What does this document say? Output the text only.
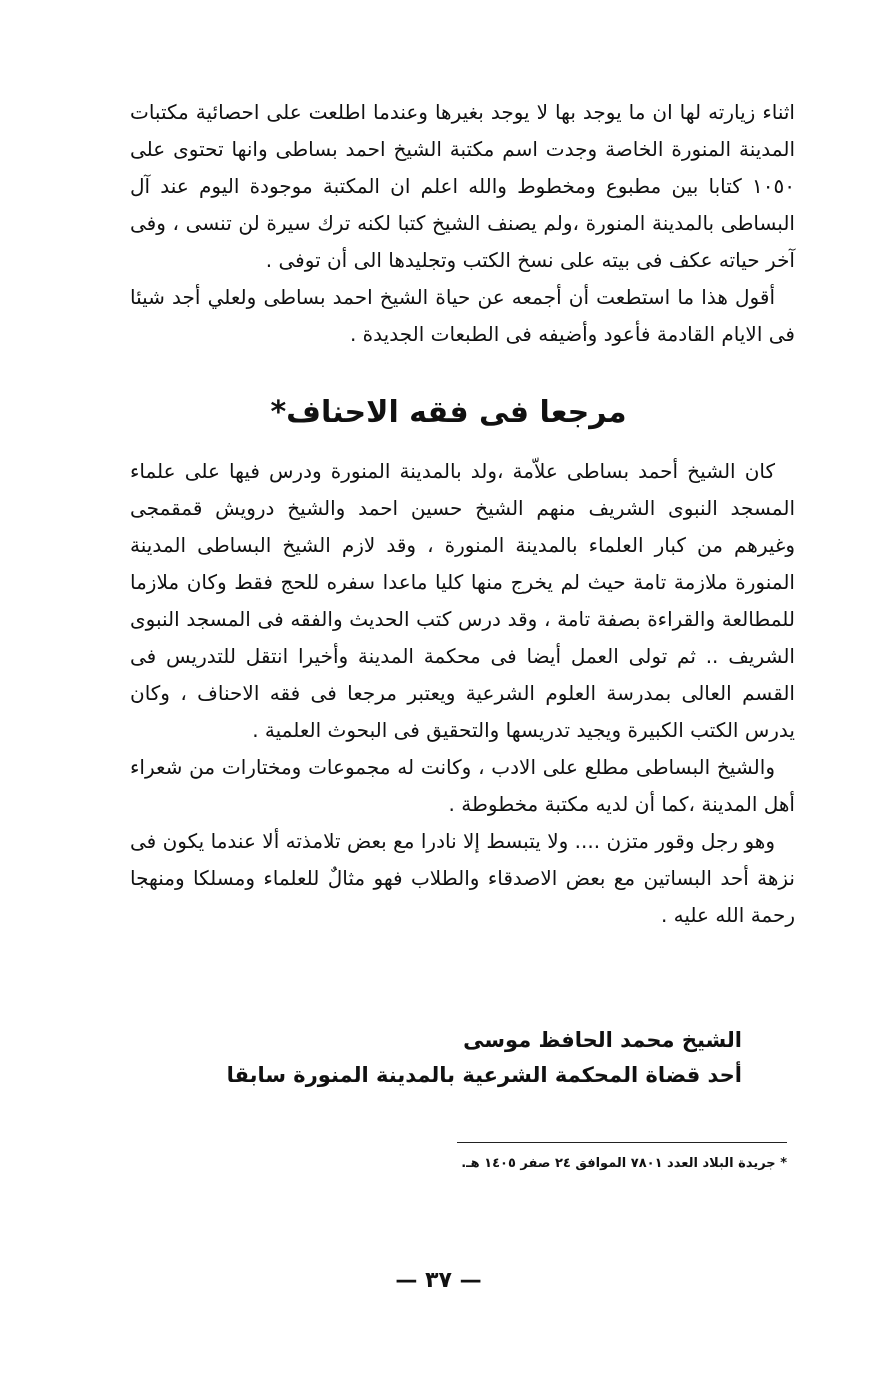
اثناء زيارته لها ان ما يوجد بها لا يوجد بغيرها وعندما اطلعت على احصائية مكتبات المدينة المنورة الخاصة وجدت اسم مكتبة الشيخ احمد بساطى وانها تحتوى على ١٠٥٠ كتابا بين مطبوع ومخطوط والله اعلم ان المكتبة موجودة اليوم عند آل البساطى بالمدينة المنورة ،ولم يصنف الشيخ كتبا لكنه ترك سيرة لن تنسى ، وفى آخر حياته عكف فى بيته على نسخ الكتب وتجليدها الى أن توفى .

أقول هذا ما استطعت أن أجمعه عن حياة الشيخ احمد بساطى ولعلي أجد شيئا فى الايام القادمة فأعود وأضيفه فى الطبعات الجديدة .

مرجعا فى فقه الاحناف*

كان الشيخ أحمد بساطى علاّمة ،ولد بالمدينة المنورة ودرس فيها على علماء المسجد النبوى الشريف منهم الشيخ حسين احمد والشيخ درويش قمقمجى وغيرهم من كبار العلماء بالمدينة المنورة ، وقد لازم الشيخ البساطى المدينة المنورة ملازمة تامة حيث لم يخرج منها كليا ماعدا سفره للحج فقط وكان ملازما للمطالعة والقراءة بصفة تامة ، وقد درس كتب الحديث والفقه فى المسجد النبوى الشريف .. ثم تولى العمل أيضا فى محكمة المدينة وأخيرا انتقل للتدريس فى القسم العالى بمدرسة العلوم الشرعية ويعتبر مرجعا فى فقه الاحناف ، وكان يدرس الكتب الكبيرة ويجيد تدريسها والتحقيق فى البحوث العلمية .

والشيخ البساطى مطلع على الادب ، وكانت له مجموعات ومختارات من شعراء أهل المدينة ،كما أن لديه مكتبة مخطوطة .

وهو رجل وقور متزن .... ولا يتبسط إلا نادرا مع بعض تلامذته ألا عندما يكون فى نزهة أحد البساتين مع بعض الاصدقاء والطلاب فهو مثالٌ للعلماء ومسلكا ومنهجا رحمة الله عليه .

الشيخ محمد الحافظ موسى

أحد قضاة المحكمة الشرعية بالمدينة المنورة سابقا

* جريدة البلاد العدد ٧٨٠١ الموافق ٢٤ صفر ١٤٠٥ هـ.

— ٣٧ —
